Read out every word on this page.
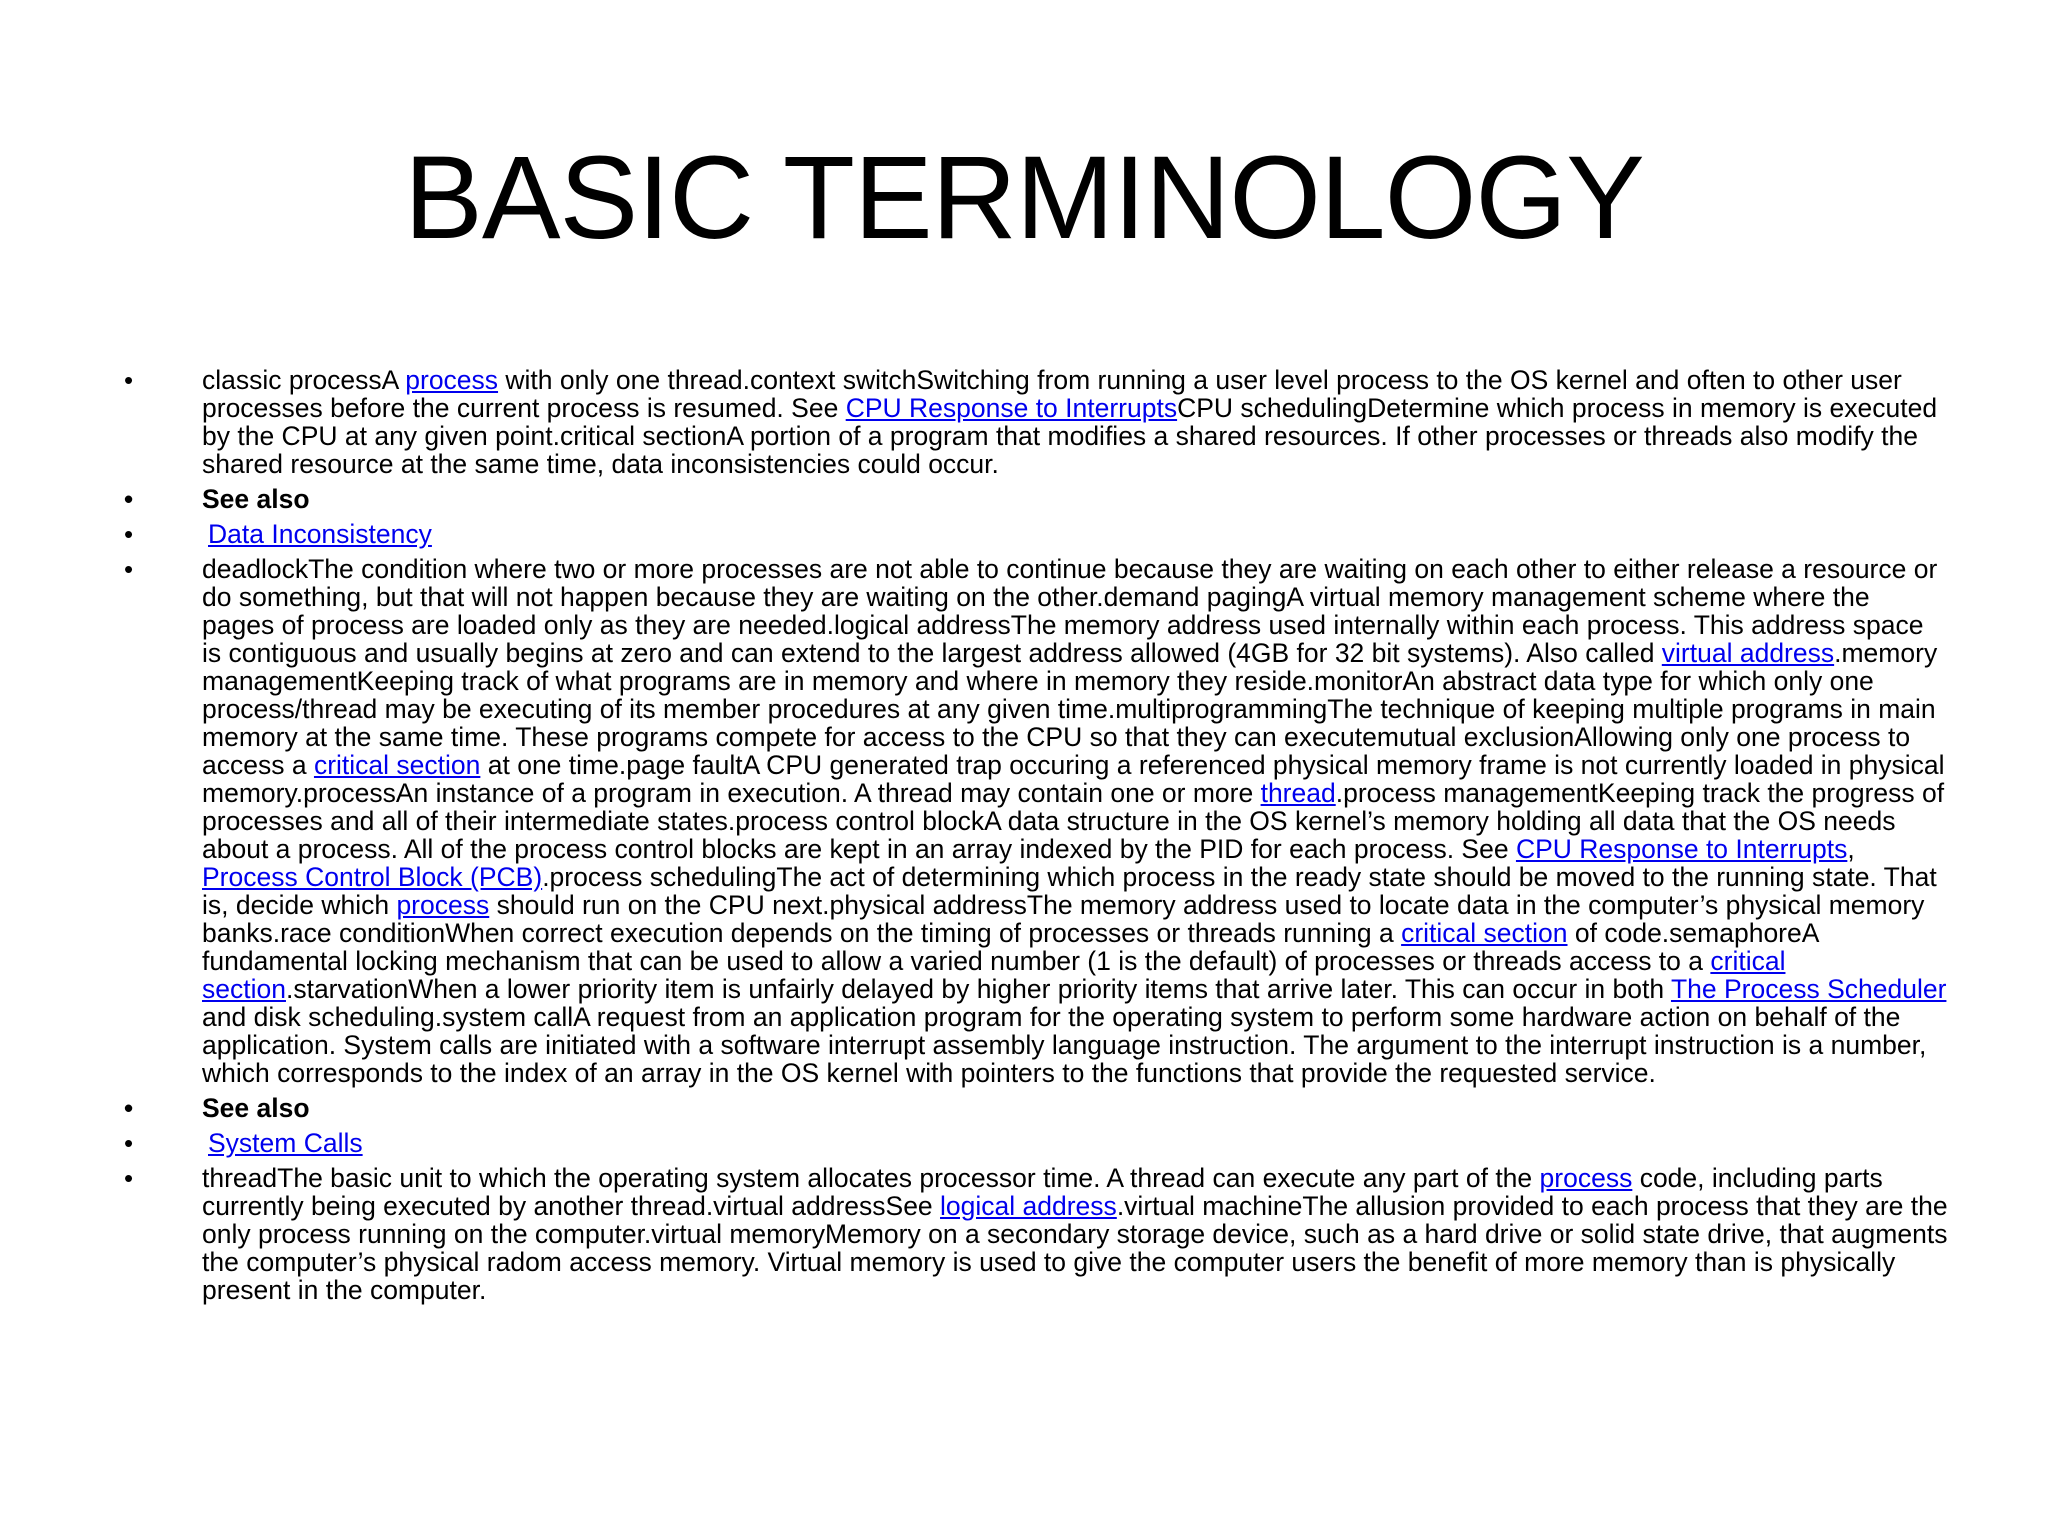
BASIC TERMINOLOGY
• classic processA process with only one thread.context switchSwitching from running a user level process to the OS kernel and often to other user processes before the current process is resumed. See CPU Response to InterruptsCPU schedulingDetermine which process in memory is executed by the CPU at any given point.critical sectionA portion of a program that modifies a shared resources. If other processes or threads also modify the shared resource at the same time, data inconsistencies could occur.
• See also
• Data Inconsistency
• deadlockThe condition where two or more processes are not able to continue because they are waiting on each other to either release a resource or do something, but that will not happen because they are waiting on the other.demand pagingA virtual memory management scheme where the pages of process are loaded only as they are needed.logical addressThe memory address used internally within each process. This address space is contiguous and usually begins at zero and can extend to the largest address allowed (4GB for 32 bit systems). Also called virtual address.memory managementKeeping track of what programs are in memory and where in memory they reside.monitorAn abstract data type for which only one process/thread may be executing of its member procedures at any given time.multiprogrammingThe technique of keeping multiple programs in main memory at the same time. These programs compete for access to the CPU so that they can executemutual exclusionAllowing only one process to access a critical section at one time.page faultA CPU generated trap occuring a referenced physical memory frame is not currently loaded in physical memory.processAn instance of a program in execution. A thread may contain one or more thread.process managementKeeping track the progress of processes and all of their intermediate states.process control blockA data structure in the OS kernel’s memory holding all data that the OS needs about a process. All of the process control blocks are kept in an array indexed by the PID for each process. See CPU Response to Interrupts, Process Control Block (PCB).process schedulingThe act of determining which process in the ready state should be moved to the running state. That is, decide which process should run on the CPU next.physical addressThe memory address used to locate data in the computer’s physical memory banks.race conditionWhen correct execution depends on the timing of processes or threads running a critical section of code.semaphoreA fundamental locking mechanism that can be used to allow a varied number (1 is the default) of processes or threads access to a critical section.starvationWhen a lower priority item is unfairly delayed by higher priority items that arrive later. This can occur in both The Process Scheduler and disk scheduling.system callA request from an application program for the operating system to perform some hardware action on behalf of the application. System calls are initiated with a software interrupt assembly language instruction. The argument to the interrupt instruction is a number, which corresponds to the index of an array in the OS kernel with pointers to the functions that provide the requested service.
• See also
• System Calls
• threadThe basic unit to which the operating system allocates processor time. A thread can execute any part of the process code, including parts currently being executed by another thread.virtual addressSee logical address.virtual machineThe allusion provided to each process that they are the only process running on the computer.virtual memoryMemory on a secondary storage device, such as a hard drive or solid state drive, that augments the computer’s physical radom access memory. Virtual memory is used to give the computer users the benefit of more memory than is physically present in the computer.
